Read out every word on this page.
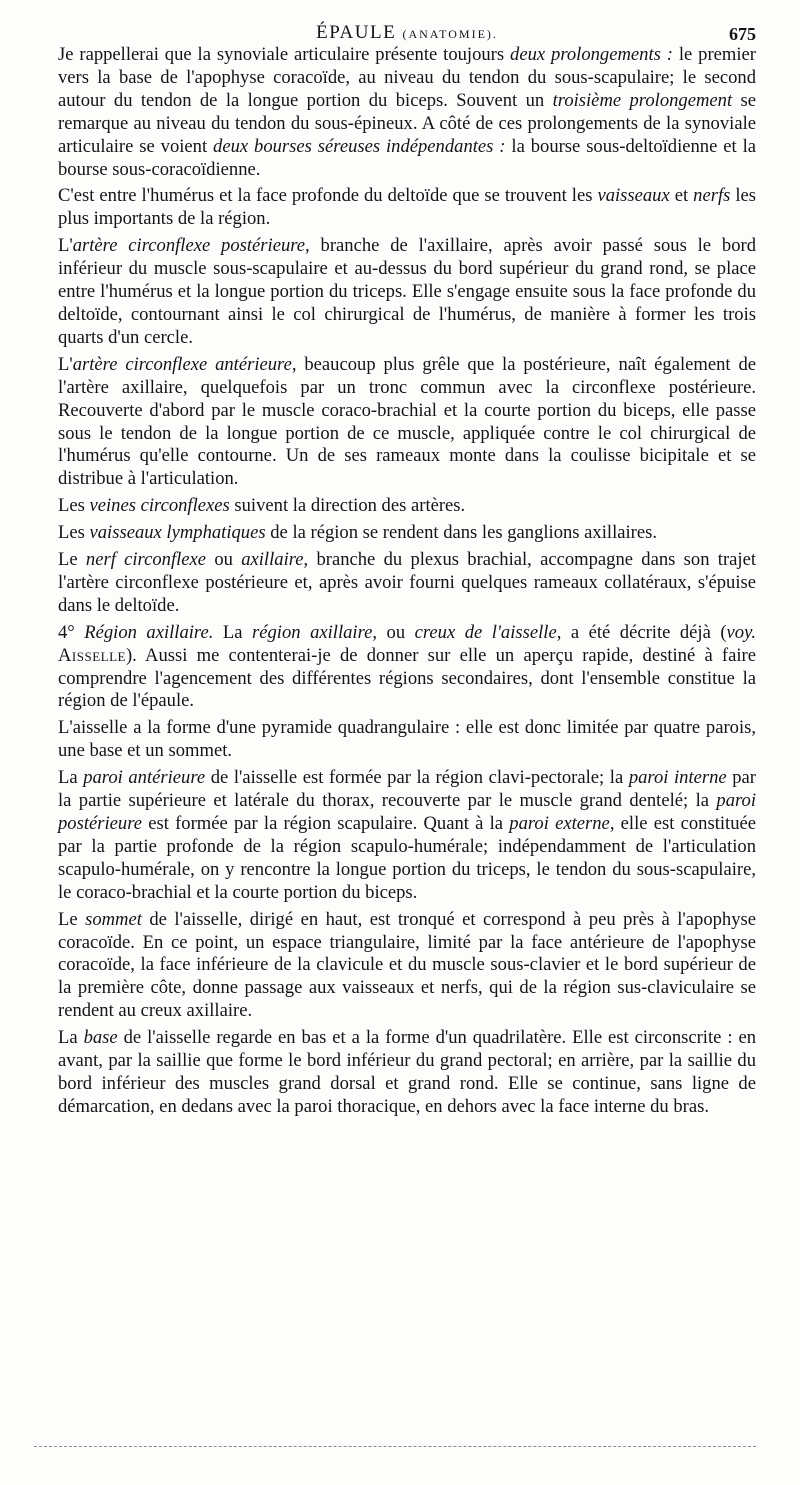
ÉPAULE (ANATOMIE).	675

Je rappellerai que la synoviale articulaire présente toujours deux prolongements : le premier vers la base de l'apophyse coracoïde, au niveau du tendon du sous-scapulaire; le second autour du tendon de la longue portion du biceps. Souvent un troisième prolongement se remarque au niveau du tendon du sous-épineux. A côté de ces prolongements de la synoviale articulaire se voient deux bourses séreuses indépendantes : la bourse sous-deltoïdienne et la bourse sous-coracoïdienne.

C'est entre l'humérus et la face profonde du deltoïde que se trouvent les vaisseaux et nerfs les plus importants de la région.

L'artère circonflexe postérieure, branche de l'axillaire, après avoir passé sous le bord inférieur du muscle sous-scapulaire et au-dessus du bord supérieur du grand rond, se place entre l'humérus et la longue portion du triceps. Elle s'engage ensuite sous la face profonde du deltoïde, contournant ainsi le col chirurgical de l'humérus, de manière à former les trois quarts d'un cercle.

L'artère circonflexe antérieure, beaucoup plus grêle que la postérieure, naît également de l'artère axillaire, quelquefois par un tronc commun avec la circonflexe postérieure. Recouverte d'abord par le muscle coraco-brachial et la courte portion du biceps, elle passe sous le tendon de la longue portion de ce muscle, appliquée contre le col chirurgical de l'humérus qu'elle contourne. Un de ses rameaux monte dans la coulisse bicipitale et se distribue à l'articulation.

Les veines circonflexes suivent la direction des artères.

Les vaisseaux lymphatiques de la région se rendent dans les ganglions axillaires.

Le nerf circonflexe ou axillaire, branche du plexus brachial, accompagne dans son trajet l'artère circonflexe postérieure et, après avoir fourni quelques rameaux collatéraux, s'épuise dans le deltoïde.

4° Région axillaire. La région axillaire, ou creux de l'aisselle, a été décrite déjà (voy. Aisselle). Aussi me contenterai-je de donner sur elle un aperçu rapide, destiné à faire comprendre l'agencement des différentes régions secondaires, dont l'ensemble constitue la région de l'épaule.

L'aisselle a la forme d'une pyramide quadrangulaire : elle est donc limitée par quatre parois, une base et un sommet.

La paroi antérieure de l'aisselle est formée par la région clavi-pectorale; la paroi interne par la partie supérieure et latérale du thorax, recouverte par le muscle grand dentelé; la paroi postérieure est formée par la région scapulaire. Quant à la paroi externe, elle est constituée par la partie profonde de la région scapulo-humérale; indépendamment de l'articulation scapulo-humérale, on y rencontre la longue portion du triceps, le tendon du sous-scapulaire, le coraco-brachial et la courte portion du biceps.

Le sommet de l'aisselle, dirigé en haut, est tronqué et correspond à peu près à l'apophyse coracoïde. En ce point, un espace triangulaire, limité par la face antérieure de l'apophyse coracoïde, la face inférieure de la clavicule et du muscle sous-clavier et le bord supérieur de la première côte, donne passage aux vaisseaux et nerfs, qui de la région sus-claviculaire se rendent au creux axillaire.

La base de l'aisselle regarde en bas et a la forme d'un quadrilatère. Elle est circonscrite : en avant, par la saillie que forme le bord inférieur du grand pectoral; en arrière, par la saillie du bord inférieur des muscles grand dorsal et grand rond. Elle se continue, sans ligne de démarcation, en dedans avec la paroi thoracique, en dehors avec la face interne du bras.
